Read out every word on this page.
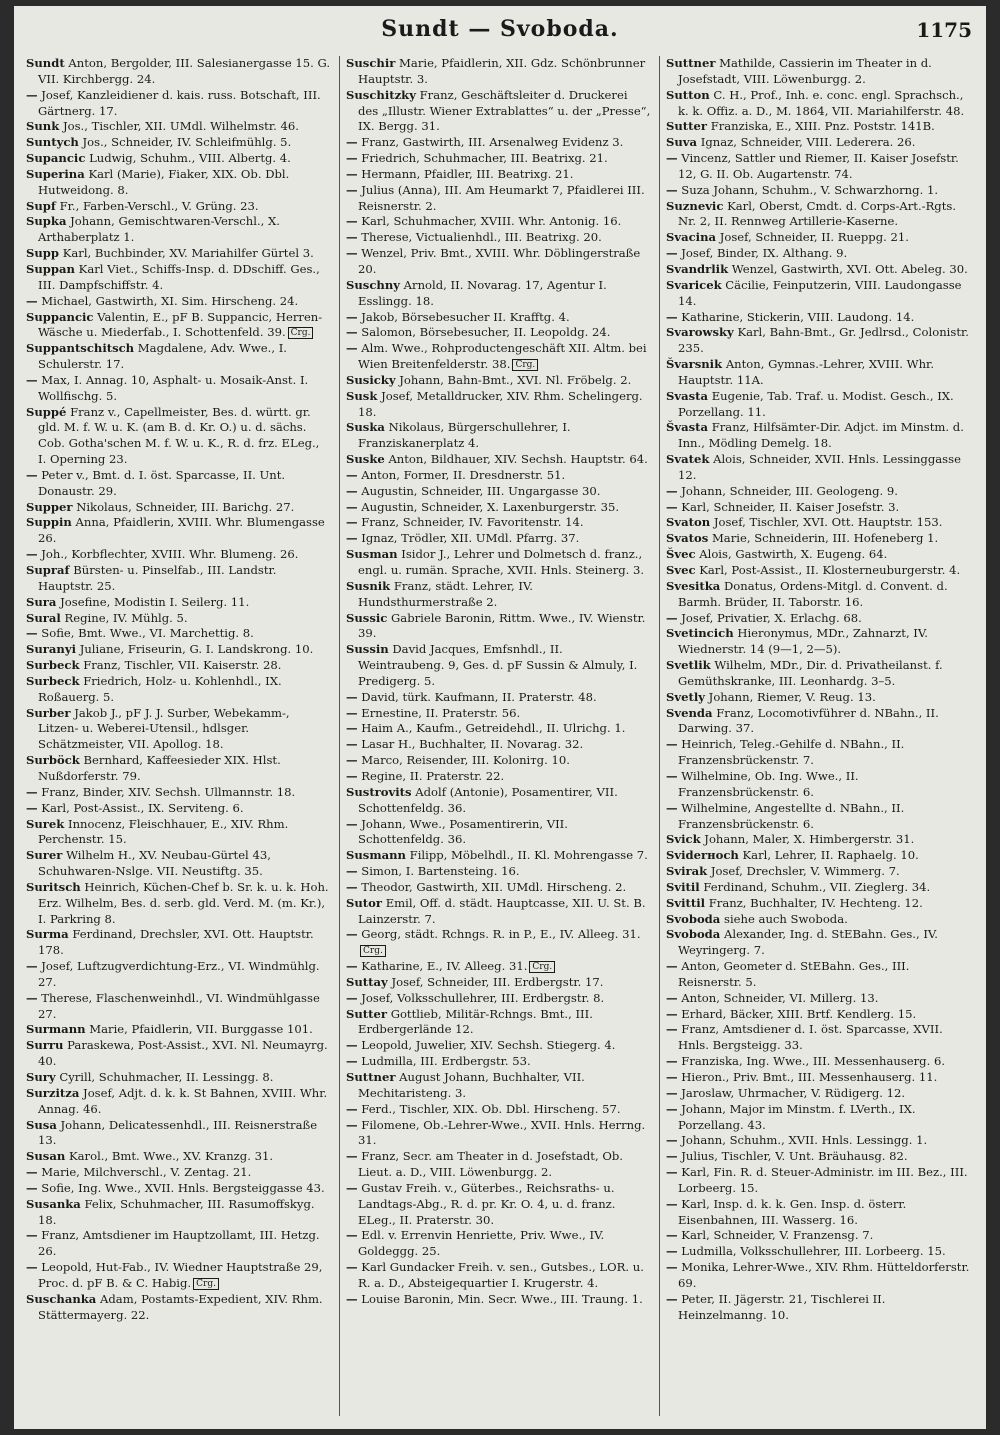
Sundt — Svoboda.	1175
Sundt Anton, Bergolder, III. Salesianergasse 15. G. VII. Kirchbergg. 24.
— Josef, Kanzleidiener d. kais. russ. Botschaft, III. Gärtnerg. 17.
Sunk Jos., Tischler, XII. UMdl. Wilhelmstr. 46.
Suntych Jos., Schneider, IV. Schleifmühlg. 5.
Supancic Ludwig, Schuhm., VIII. Albertg. 4.
Superina Karl (Marie), Fiaker, XIX. Ob. Dbl. Hutweidong. 8.
Supf Fr., Farben-Verschl., V. Grüng. 23.
Supka Johann, Gemischtwaren-Verschl., X. Arthaberplatz 1.
Supp Karl, Buchbinder, XV. Mariahilfer Gürtel 3.
Suppan Karl Viet., Schiffs-Insp. d. DDschiff. Ges., III. Dampfschiffstr. 4.
— Michael, Gastwirth, XI. Sim. Hirscheng. 24.
Suppancic Valentin, E., pF B. Suppancic, Herren-Wäsche u. Miederfab., I. Schottenfeld. 39. Crg.
Suppantschitsch Magdalene, Adv. Wwe., I. Schulerstr. 17.
— Max, I. Annag. 10, Asphalt- u. Mosaik-Anst. I. Wollfischg. 5.
Suppé Franz v., Capellmeister, Bes. d. württ. gr. gld. M. f. W. u. K. (am B. d. Kr. O.) u. d. sächs. Cob. Gotha'schen M. f. W. u. K., R. d. frz. ELeg., I. Operning 23.
— Peter v., Bmt. d. I. öst. Sparcasse, II. Unt. Donaustr. 29.
Supper Nikolaus, Schneider, III. Barichg. 27.
Suppin Anna, Pfaidlerin, XVIII. Whr. Blumengasse 26.
— Joh., Korbflechter, XVIII. Whr. Blumeng. 26.
Supraf Bürsten- u. Pinselfab., III. Landstr. Hauptstr. 25.
Sura Josefine, Modistin I. Seilerg. 11.
Sural Regine, IV. Mühlg. 5.
— Sofie, Bmt. Wwe., VI. Marchettig. 8.
Suranyi Juliane, Friseurin, G. I. Landskrong. 10.
Surbeck Franz, Tischler, VII. Kaiserstr. 28.
Surbeck Friedrich, Holz- u. Kohlenhdl., IX. Roßauerg. 5.
Surber Jakob J., pF J. J. Surber, Webekamm-, Litzen- u. Weberei-Utensil., hdlsger. Schätzmeister, VII. Apollog. 18.
Surböck Bernhard, Kaffeesieder XIX. Hlst. Nußdorferstr. 79.
— Franz, Binder, XIV. Sechsh. Ullmannstr. 18.
— Karl, Post-Assist., IX. Serviteng. 6.
Surek Innocenz, Fleischhauer, E., XIV. Rhm. Perchenstr. 15.
Surer Wilhelm H., XV. Neubau-Gürtel 43, Schuhwaren-Nslge. VII. Neustiftg. 35.
Suritsch Heinrich, Küchen-Chef b. Sr. k. u. k. Hoh. Erz. Wilhelm, Bes. d. serb. gld. Verd. M. (m. Kr.), I. Parkring 8.
Surma Ferdinand, Drechsler, XVI. Ott. Hauptstr. 178.
— Josef, Luftzugverdichtung-Erz., VI. Windmühlg. 27.
— Therese, Flaschenweinhdl., VI. Windmühlgasse 27.
Surmann Marie, Pfaidlerin, VII. Burggasse 101.
Surru Paraskewa, Post-Assist., XVI. Nl. Neumayrg. 40.
Sury Cyrill, Schuhmacher, II. Lessingg. 8.
Surzitza Josef, Adjt. d. k. k. St Bahnen, XVIII. Whr. Annag. 46.
Susa Johann, Delicatessenhdl., III. Reisnerstraße 13.
Susan Karol., Bmt. Wwe., XV. Kranzg. 31.
— Marie, Milchverschl., V. Zentag. 21.
— Sofie, Ing. Wwe., XVII. Hnls. Bergsteiggasse 43.
Susanka Felix, Schuhmacher, III. Rasumoffskyg. 18.
— Franz, Amtsdiener im Hauptzollamt, III. Hetzg. 26.
— Leopold, Hut-Fab., IV. Wiedner Hauptstraße 29, Proc. d. pF B. & C. Habig. Crg.
Suschanka Adam, Postamts-Expedient, XIV. Rhm. Stättermayerg. 22.
Suschir Marie, Pfaidlerin, XII. Gdz. Schönbrunner Hauptstr. 3.
Suschitzky Franz, Geschäftsleiter d. Druckerei des „Illustr. Wiener Extrablattes“ u. der „Presse“, IX. Bergg. 31.
— Franz, Gastwirth, III. Arsenalweg Evidenz 3.
— Friedrich, Schuhmacher, III. Beatrixg. 21.
— Hermann, Pfaidler, III. Beatrixg. 21.
— Julius (Anna), III. Am Heumarkt 7, Pfaidlerei III. Reisnerstr. 2.
— Karl, Schuhmacher, XVIII. Whr. Antonig. 16.
— Therese, Victualienhdl., III. Beatrixg. 20.
— Wenzel, Priv. Bmt., XVIII. Whr. Döblingerstraße 20.
Suschny Arnold, II. Novarag. 17, Agentur I. Esslingg. 18.
— Jakob, Börsebesucher II. Krafftg. 4.
— Salomon, Börsebesucher, II. Leopoldg. 24.
— Alm. Wwe., Rohproductengeschäft XII. Altm. bei Wien Breitenfelderstr. 38. Crg.
Susicky Johann, Bahn-Bmt., XVI. Nl. Fröbelg. 2.
Susk Josef, Metalldrucker, XIV. Rhm. Schelingerg. 18.
Suska Nikolaus, Bürgerschullehrer, I. Franziskanerplatz 4.
Suske Anton, Bildhauer, XIV. Sechsh. Hauptstr. 64.
— Anton, Former, II. Dresdnerstr. 51.
— Augustin, Schneider, III. Ungargasse 30.
— Augustin, Schneider, X. Laxenburgerstr. 35.
— Franz, Schneider, IV. Favoritenstr. 14.
— Ignaz, Trödler, XII. UMdl. Pfarrg. 37.
Susman Isidor J., Lehrer und Dolmetsch d. franz., engl. u. rumän. Sprache, XVII. Hnls. Steinerg. 3.
Susnik Franz, städt. Lehrer, IV. Hundsthurmerstraße 2.
Sussic Gabriele Baronin, Rittm. Wwe., IV. Wienstr. 39.
Sussin David Jacques, Emfsnhdl., II. Weintraubeng. 9, Ges. d. pF Sussin & Almuly, I. Predigerg. 5.
— David, türk. Kaufmann, II. Praterstr. 48.
— Ernestine, II. Praterstr. 56.
— Haim A., Kaufm., Getreidehdl., II. Ulrichg. 1.
— Lasar H., Buchhalter, II. Novarag. 32.
— Marco, Reisender, III. Koloniтg. 10.
— Regine, II. Praterstr. 22.
Sustrovits Adolf (Antonie), Posamentirer, VII. Schottenfeldg. 36.
— Johann, Wwe., Posamentirerin, VII. Schottenfeldg. 36.
Susmann Filipp, Möbelhdl., II. Kl. Mohrengasse 7.
— Simon, I. Bartensteing. 16.
— Theodor, Gastwirth, XII. UMdl. Hirscheng. 2.
Sutor Emil, Off. d. städt. Hauptcasse, XII. U. St. B. Lainzerstr. 7.
— Georg, städt. Rchngs. R. in P., E., IV. Alleeg. 31.Crg.
— Katharine, E., IV. Alleeg. 31. Crg.
Suttay Josef, Schneider, III. Erdbergstr. 17.
— Josef, Volksschullehrer, III. Erdbergstr. 8.
Sutter Gottlieb, Militär-Rchngs. Bmt., III. Erdbergerlände 12.
— Leopold, Juwelier, XIV. Sechsh. Stiegerg. 4.
— Ludmilla, III. Erdbergstr. 53.
Suttner August Johann, Buchhalter, VII. Mechitaristeng. 3.
— Ferd., Tischler, XIX. Ob. Dbl. Hirscheng. 57.
— Filomene, Ob.-Lehrer-Wwe., XVII. Hnls. Herrng. 31.
— Franz, Secr. am Theater in d. Josefstadt, Ob. Lieut. a. D., VIII. Löwenburgg. 2.
— Gustav Freih. v., Güterbes., Reichsraths- u. Landtags-Abg., R. d. pr. Kr. O. 4, u. d. franz. ELeg., II. Praterstr. 30.
— Edl. v. Errenvin Henriette, Priv. Wwe., IV. Goldeggg. 25.
— Karl Gundacker Freih. v. sen., Gutsbes., LOR. u. R. a. D., Absteigequartier I. Krugerstr. 4.
— Louise Baronin, Min. Secr. Wwe., III. Traung. 1.
Suttner Mathilde, Cassierin im Theater in d. Josefstadt, VIII. Löwenburgg. 2.
Sutton C. H., Prof., Inh. e. conc. engl. Sprachsch., k. k. Offiz. a. D., M. 1864, VII. Mariahilferstr. 48.
Sutter Franziska, E., XIII. Pnz. Poststr. 141B.
Suva Ignaz, Schneider, VIII. Lederera. 26.
— Vincenz, Sattler und Riemer, II. Kaiser Josefstr. 12, G. II. Ob. Augartenstr. 74.
— Suza Johann, Schuhm., V. Schwarzhorng. 1.
Suznevic Karl, Oberst, Cmdt. d. Corps-Art.-Rgts. Nr. 2, II. Rennweg Artillerie-Kaserne.
Svacina Josef, Schneider, II. Rueppg. 21.
— Josef, Binder, IX. Althang. 9.
Svandrlik Wenzel, Gastwirth, XVI. Ott. Abeleg. 30.
Svaricek Cäcilie, Feinputzerin, VIII. Laudongasse 14.
— Katharine, Stickerin, VIII. Laudong. 14.
Svarowsky Karl, Bahn-Bmt., Gr. Jedlrsd., Colonistr. 235.
Švarsnik Anton, Gymnas.-Lehrer, XVIII. Whr. Hauptstr. 11A.
Svasta Eugenie, Tab. Traf. u. Modist. Gesch., IX. Porzellang. 11.
Švasta Franz, Hilfsämter-Dir. Adjct. im Minstm. d. Inn., Mödling Demelg. 18.
Svatek Alois, Schneider, XVII. Hnls. Lessinggasse 12.
— Johann, Schneider, III. Geologeng. 9.
— Karl, Schneider, II. Kaiser Josefstr. 3.
Svaton Josef, Tischler, XVI. Ott. Hauptstr. 153.
Svatos Marie, Schneiderin, III. Hofeneberg 1.
Švec Alois, Gastwirth, X. Eugeng. 64.
Svec Karl, Post-Assist., II. Klosterneuburgerstr. 4.
Svesitka Donatus, Ordens-Mitgl. d. Convent. d. Barmh. Brüder, II. Taborstr. 16.
— Josef, Privatier, X. Erlachg. 68.
Svetincich Hieronymus, MDr., Zahnarzt, IV. Wiednerstr. 14 (9—1, 2—5).
Svetlik Wilhelm, MDr., Dir. d. Privatheilanst. f. Gemüthskranke, III. Leonhardg. 3–5.
Svetly Johann, Riemer, V. Reug. 13.
Svenda Franz, Locomotivführer d. NBahn., II. Darwing. 37.
— Heinrich, Teleg.-Gehilfe d. NBahn., II. Franzensbrückenstr. 7.
— Wilhelmine, Ob. Ing. Wwe., II. Franzensbrückenstr. 6.
— Wilhelmine, Angestellte d. NBahn., II. Franzensbrückenstr. 6.
Svick Johann, Maler, X. Himbergerstr. 31.
Sviderноch Karl, Lehrer, II. Raphaelg. 10.
Svirak Josef, Drechsler, V. Wimmerg. 7.
Svitil Ferdinand, Schuhm., VII. Zieglerg. 34.
Svittil Franz, Buchhalter, IV. Hechteng. 12.
Svoboda siehe auch Swoboda.
Svoboda Alexander, Ing. d. StEBahn. Ges., IV. Weyringerg. 7.
— Anton, Geometer d. StEBahn. Ges., III. Reisnerstr. 5.
— Anton, Schneider, VI. Millerg. 13.
— Erhard, Bäcker, XIII. Brtf. Kendlerg. 15.
— Franz, Amtsdiener d. I. öst. Sparcasse, XVII. Hnls. Bergsteigg. 33.
— Franziska, Ing. Wwe., III. Messenhauserg. 6.
— Hieron., Priv. Bmt., III. Messenhauserg. 11.
— Jaroslaw, Uhrmacher, V. Rüdigerg. 12.
— Johann, Major im Minstm. f. LVerth., IX. Porzellang. 43.
— Johann, Schuhm., XVII. Hnls. Lessingg. 1.
— Julius, Tischler, V. Unt. Bräuhausg. 82.
— Karl, Fin. R. d. Steuer-Administr. im III. Bez., III. Lorbeerg. 15.
— Karl, Insp. d. k. k. Gen. Insp. d. österr. Eisenbahnen, III. Wasserg. 16.
— Karl, Schneider, V. Franzensg. 7.
— Ludmilla, Volksschullehrer, III. Lorbeerg. 15.
— Monika, Lehrer-Wwe., XIV. Rhm. Hütteldorferstr. 69.
— Peter, II. Jägerstr. 21, Tischlerei II. Heinzelmanng. 10.
